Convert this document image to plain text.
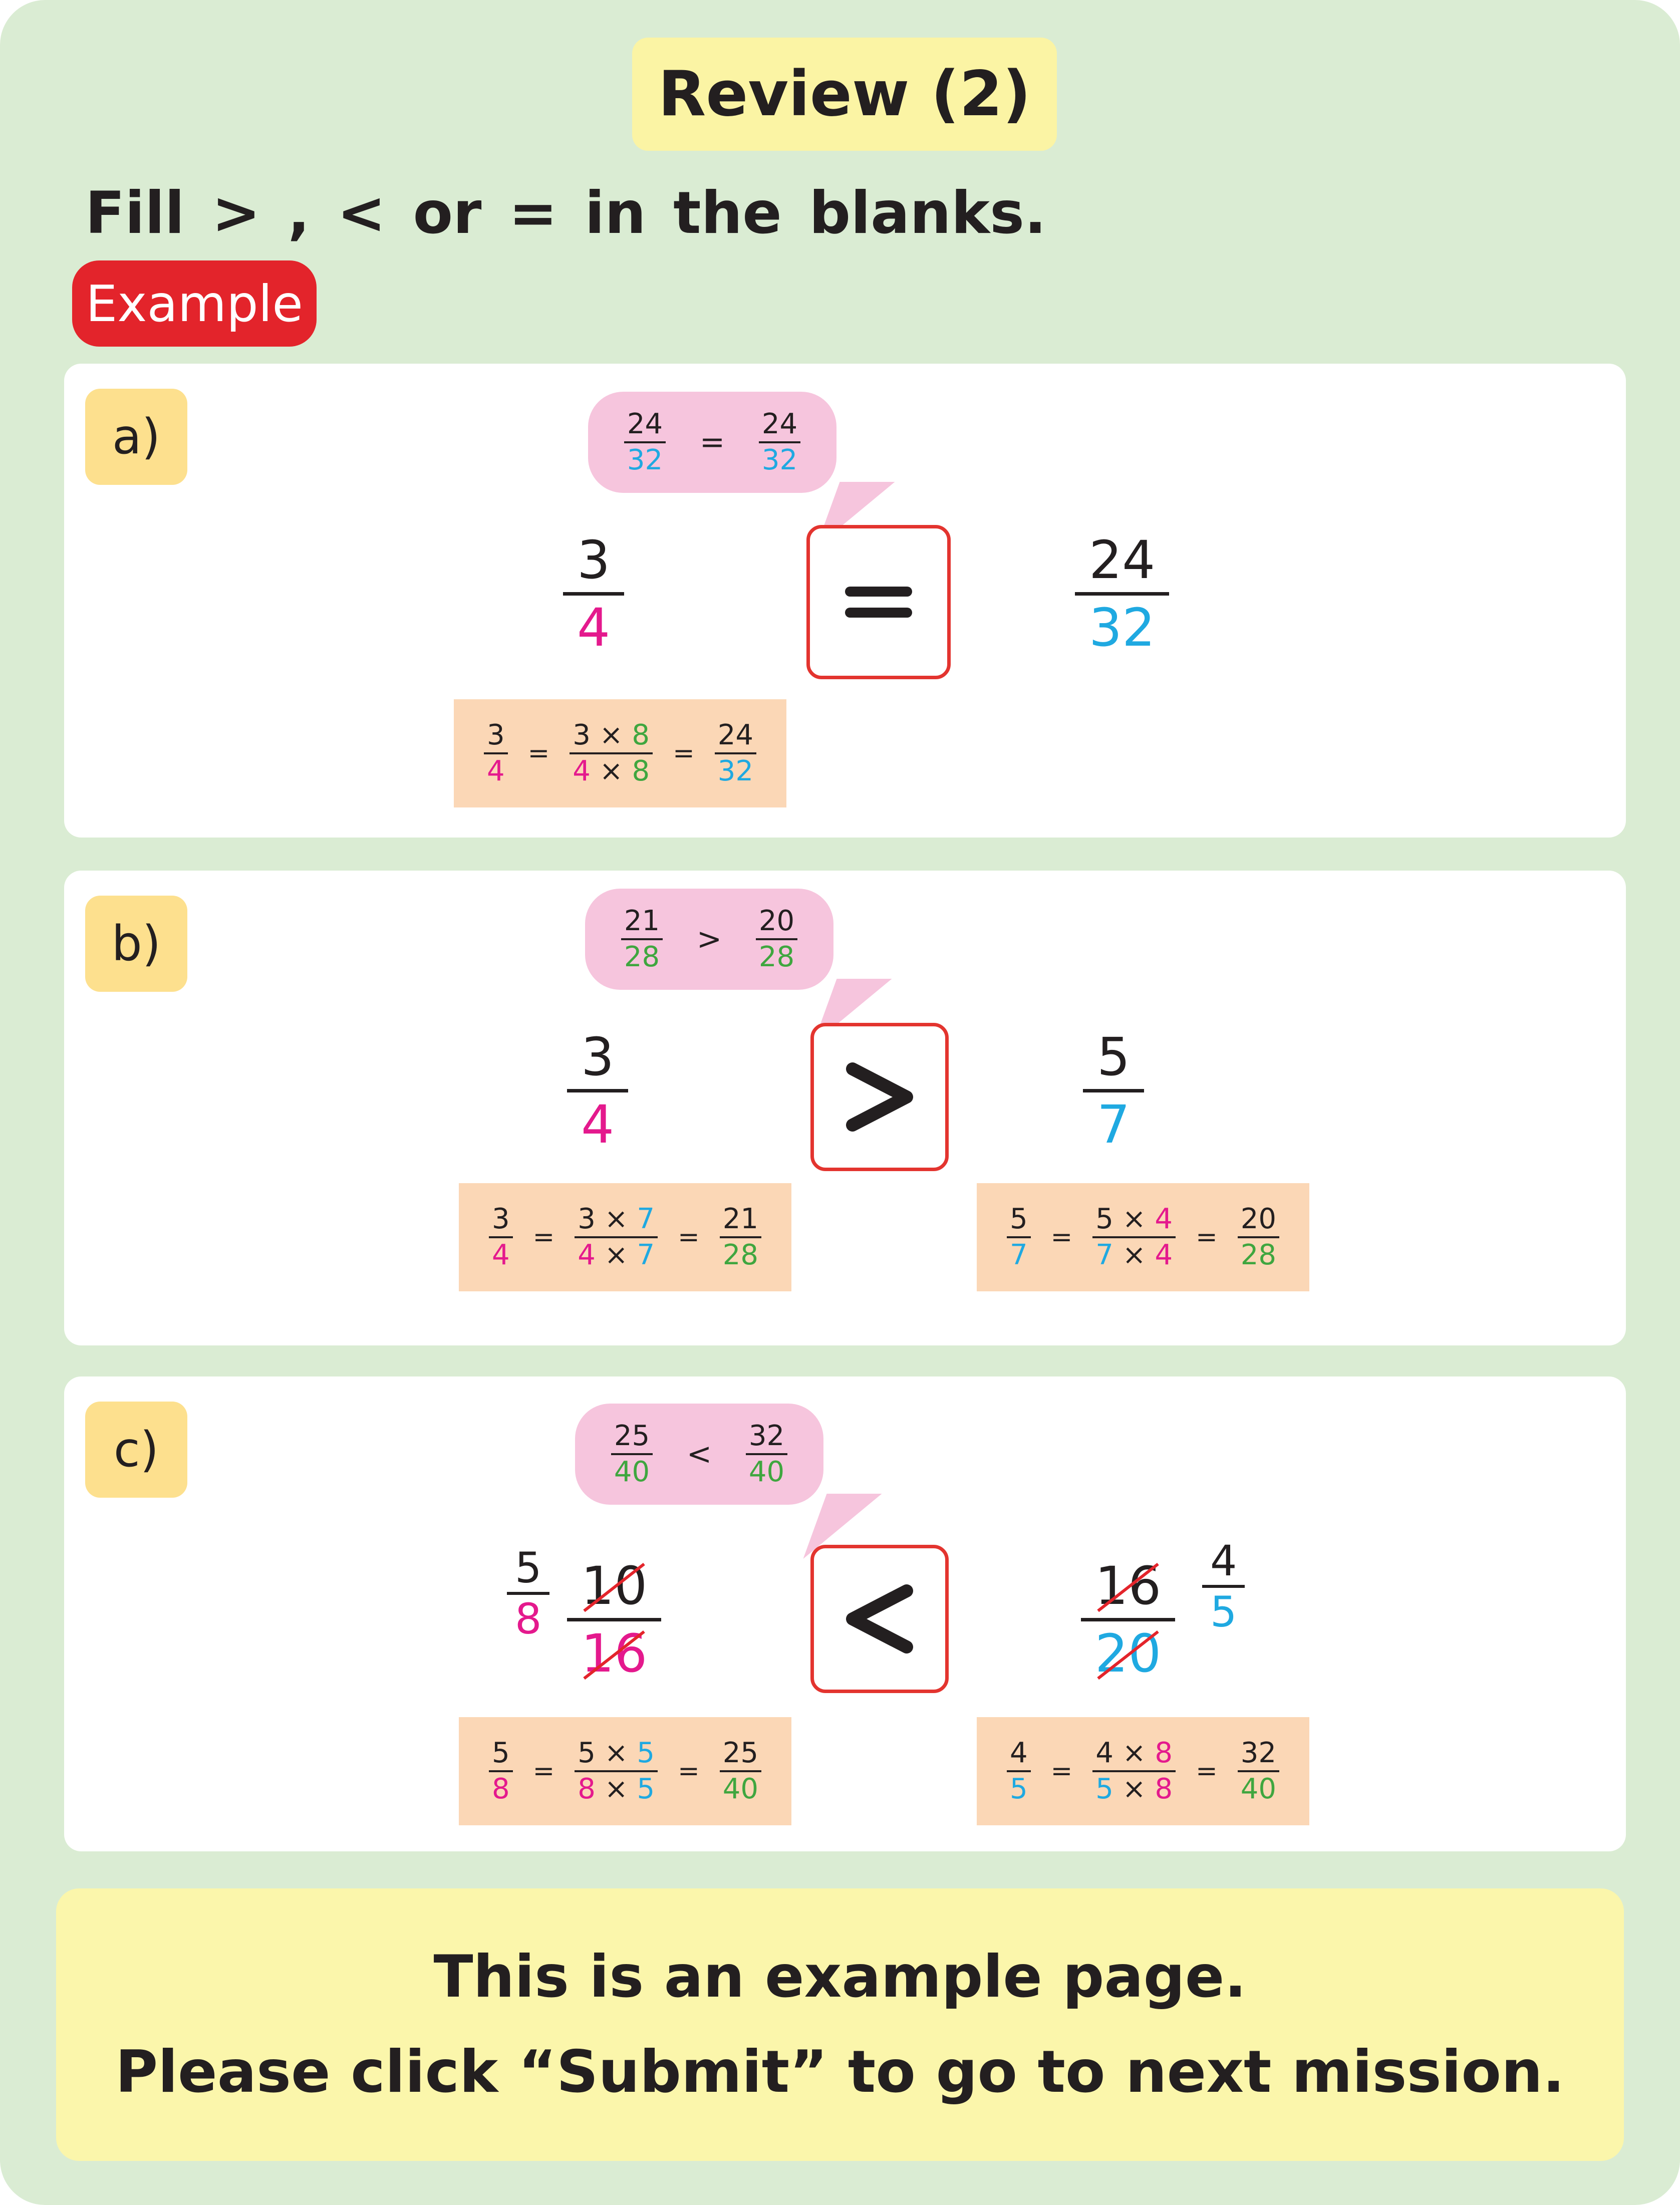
Review (2)
Fill > , < or = in the blanks.
Example
a)	$\frac{24}{32} = \frac{24}{32}$
3
4
24
32
$\frac{3}{4} = \frac{3 \times 8}{4 \times 8} = \frac{24}{32}$
b)	$\frac{21}{28} > \frac{20}{28}$
3
4
5
7
$\frac{3}{4} = \frac{3 \times 7}{4 \times 7} = \frac{21}{28}$	$\frac{5}{7} = \frac{5 \times 4}{7 \times 4} = \frac{20}{28}$
c)	$\frac{25}{40} < \frac{32}{40}$
5
8
10
16
16
20
4
5
$\frac{5}{8} = \frac{5 \times 5}{8 \times 5} = \frac{25}{40}$	$\frac{4}{5} = \frac{4 \times 8}{5 \times 8} = \frac{32}{40}$
This is an example page.
Please click “Submit” to go to next mission.
